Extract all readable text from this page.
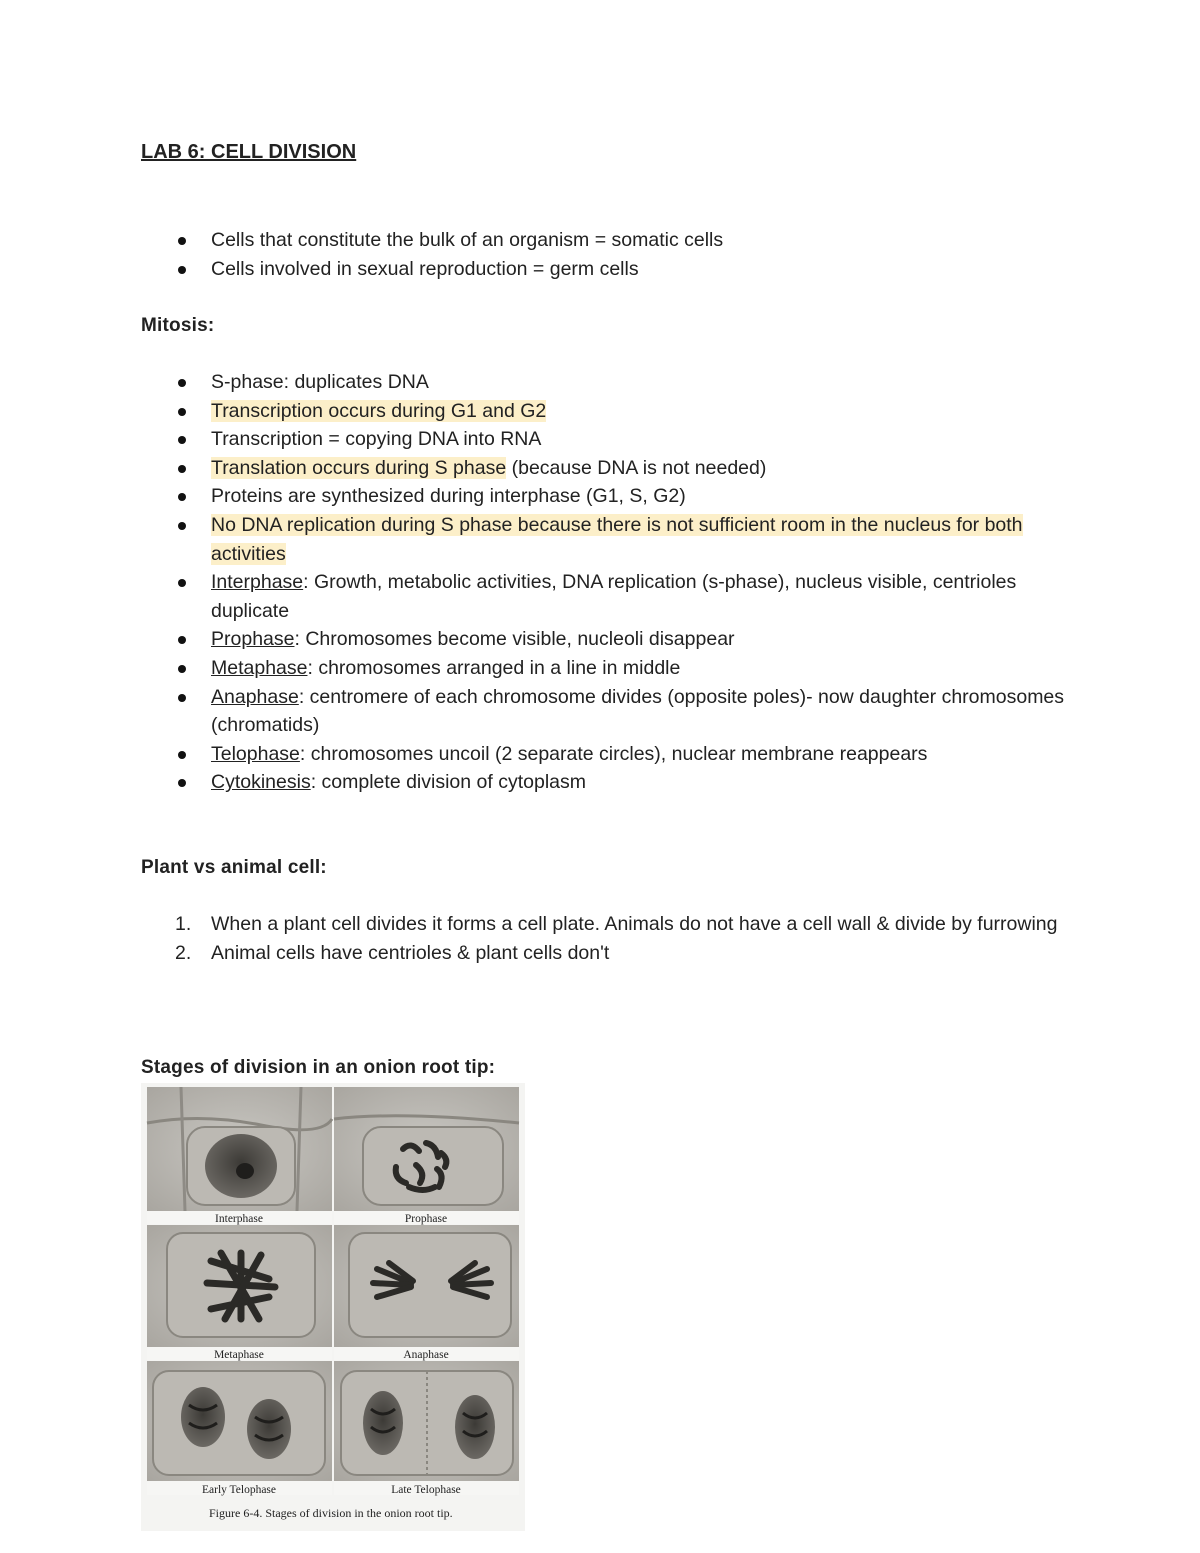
LAB 6: CELL DIVISION
Cells that constitute the bulk of an organism = somatic cells
Cells involved in sexual reproduction = germ cells
Mitosis:
S-phase: duplicates DNA
Transcription occurs during G1 and G2
Transcription = copying DNA into RNA
Translation occurs during S phase (because DNA is not needed)
Proteins are synthesized during interphase (G1, S, G2)
No DNA replication during S phase because there is not sufficient room in the nucleus for both activities
Interphase: Growth, metabolic activities, DNA replication (s-phase), nucleus visible, centrioles duplicate
Prophase: Chromosomes become visible, nucleoli disappear
Metaphase: chromosomes arranged in a line in middle
Anaphase: centromere of each chromosome divides (opposite poles)- now daughter chromosomes (chromatids)
Telophase: chromosomes uncoil (2 separate circles), nuclear membrane reappears
Cytokinesis: complete division of cytoplasm
Plant vs animal cell:
1. When a plant cell divides it forms a cell plate. Animals do not have a cell wall & divide by furrowing
2. Animal cells have centrioles & plant cells don't
Stages of division in an onion root tip:
Interphase	Prophase
Metaphase	Anaphase
Early Telophase	Late Telophase
Figure 6-4. Stages of division in the onion root tip.
